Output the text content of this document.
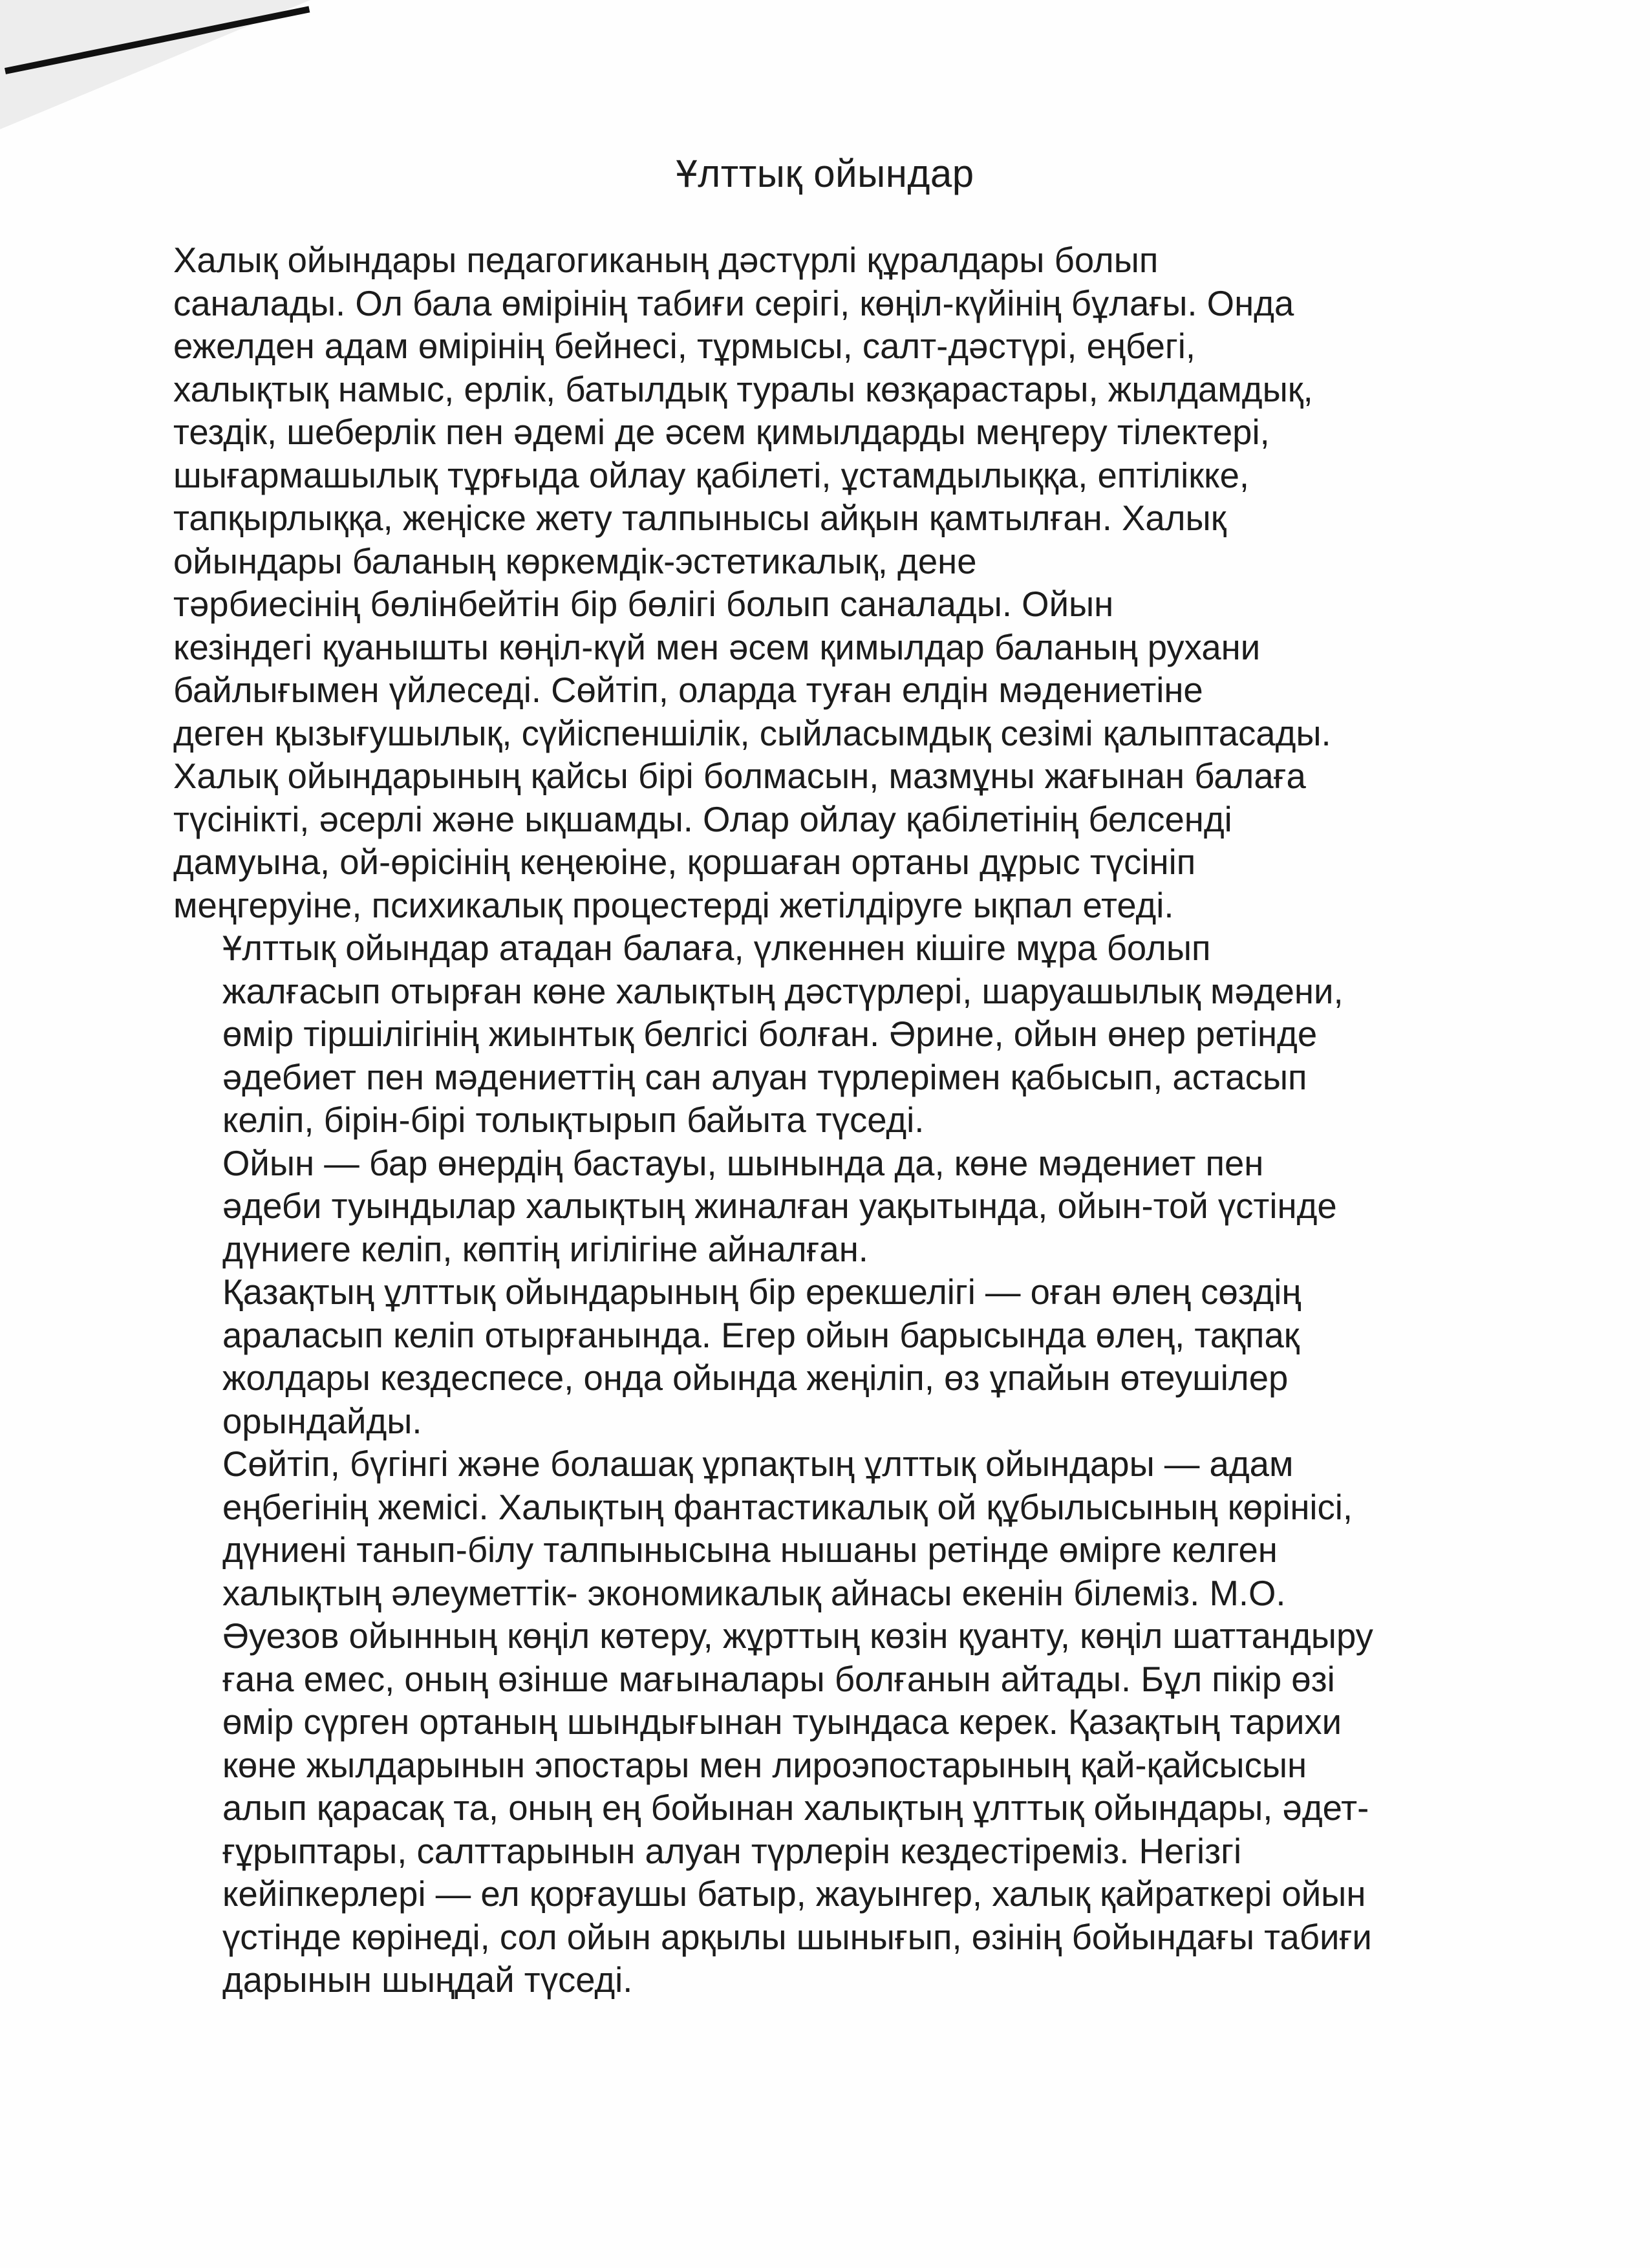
Ұлттық ойындар

Халық ойындары педагогиканың дәстүрлі құралдары болып
саналады. Ол бала өмірінің табиғи серігі, көңіл-күйінің бұлағы. Онда
ежелден адам өмірінің бейнесі, тұрмысы, салт-дәстүрі, еңбегі,
халықтық намыс, ерлік, батылдық туралы көзқарастары, жылдамдық,
тездік, шеберлік пен әдемі де әсем қимылдарды меңгеру тілектері,
шығармашылық тұрғыда ойлау қабілеті, ұстамдылыққа, ептілікке,
тапқырлыққа, жеңіске жету талпынысы айқын қамтылған. Халық
ойындары баланың көркемдік-эстетикалық, дене
тәрбиесінің бөлінбейтін бір бөлігі болып саналады. Ойын
кезіндегі қуанышты көңіл-күй мен әсем қимылдар баланың рухани
байлығымен үйлеседі. Сөйтіп, оларда туған елдін мәдениетіне
деген қызығушылық, сүйіспеншілік, сыйласымдық сезімі қалыптасады.
Халық ойындарының қайсы бірі болмасын, мазмұны жағынан балаға
түсінікті, әсерлі және ықшамды. Олар ойлау қабілетінің белсенді
дамуына, ой-өрісінің кеңеюіне, қоршаған ортаны дұрыс түсініп
меңгеруіне, психикалық процестерді жетілдіруге ықпал етеді.

Ұлттық ойындар атадан балаға, үлкеннен кішіге мұра болып
жалғасып отырған көне халықтың дәстүрлері, шаруашылық мәдени,
өмір тіршілігінің жиынтық белгісі болған. Әрине, ойын өнер ретінде
әдебиет пен мәдениеттің сан алуан түрлерімен қабысып, астасып
келіп, бірін-бірі толықтырып байыта түседі.

Ойын — бар өнердің бастауы, шынында да, көне мәдениет пен
әдеби туындылар халықтың жиналған уақытында, ойын-той үстінде
дүниеге келіп, көптің игілігіне айналған.

Қазақтың ұлттық ойындарының бір ерекшелігі — оған өлең сөздің
араласып келіп отырғанында. Егер ойын барысында өлең, тақпақ
жолдары кездеспесе, онда ойында жеңіліп, өз ұпайын өтеушілер
орындайды.

Сөйтіп, бүгінгі және болашақ ұрпақтың ұлттық ойындары — адам
еңбегінің жемісі. Халықтың фантастикалық ой құбылысының көрінісі,
дүниені танып-білу талпынысына нышаны ретінде өмірге келген
халықтың әлеуметтік- экономикалық айнасы екенін білеміз. М.О.
Әуезов ойынның көңіл көтеру, жұрттың көзін қуанту, көңіл шаттандыру
ғана емес, оның өзінше мағыналары болғанын айтады. Бұл пікір өзі
өмір сүрген ортаның шындығынан туындаса керек. Қазақтың тарихи
көне жылдарынын эпостары мен лироэпостарының қай-қайсысын
алып қарасақ та, оның ең бойынан халықтың ұлттық ойындары, әдет-
ғұрыптары, салттарынын алуан түрлерін кездестіреміз. Негізгі
кейіпкерлері — ел қорғаушы батыр, жауынгер, халық қайраткері ойын
үстінде көрінеді, сол ойын арқылы шынығып, өзінің бойындағы табиғи
дарынын шыңдай түседі.
